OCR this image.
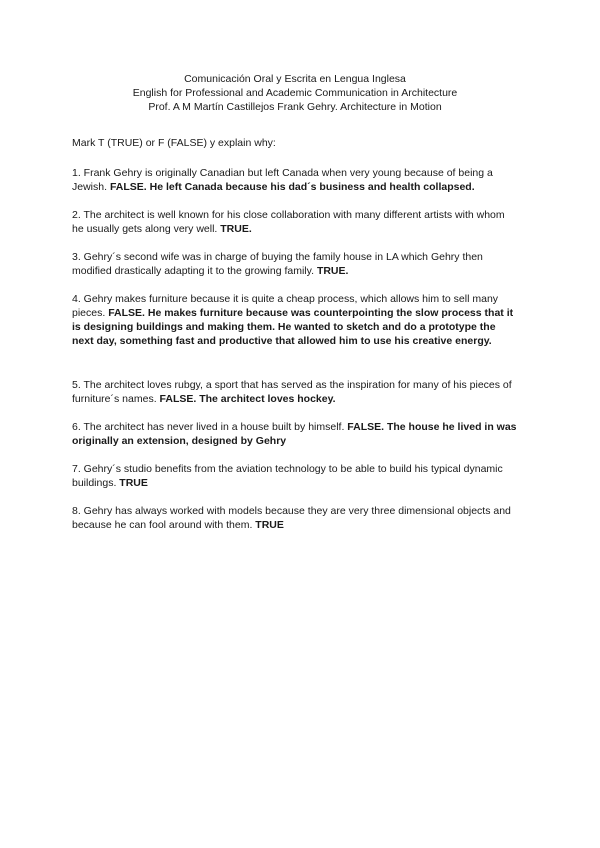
Comunicación Oral y Escrita en Lengua Inglesa
English for Professional and Academic Communication in Architecture
Prof. A M Martín Castillejos Frank Gehry. Architecture in Motion
Mark T (TRUE) or F (FALSE) y explain why:
1. Frank Gehry is originally Canadian but left Canada when very young because of being a Jewish. FALSE. He left Canada because his dad´s business and health collapsed.
2. The architect is well known for his close collaboration with many different artists with whom he usually gets along very well. TRUE.
3. Gehry´s second wife was in charge of buying the family house in LA which Gehry then modified drastically adapting it to the growing family. TRUE.
4. Gehry makes furniture because it is quite a cheap process, which allows him to sell many pieces. FALSE. He makes furniture because was counterpointing the slow process that it is designing buildings and making them. He wanted to sketch and do a prototype the next day, something fast and productive that allowed him to use his creative energy.
5. The architect loves rubgy, a sport that has served as the inspiration for many of his pieces of furniture´s names. FALSE. The architect loves hockey.
6. The architect has never lived in a house built by himself. FALSE. The house he lived in was originally an extension, designed by Gehry
7. Gehry´s studio benefits from the aviation technology to be able to build his typical dynamic buildings. TRUE
8. Gehry has always worked with models because they are very three dimensional objects and because he can fool around with them. TRUE
